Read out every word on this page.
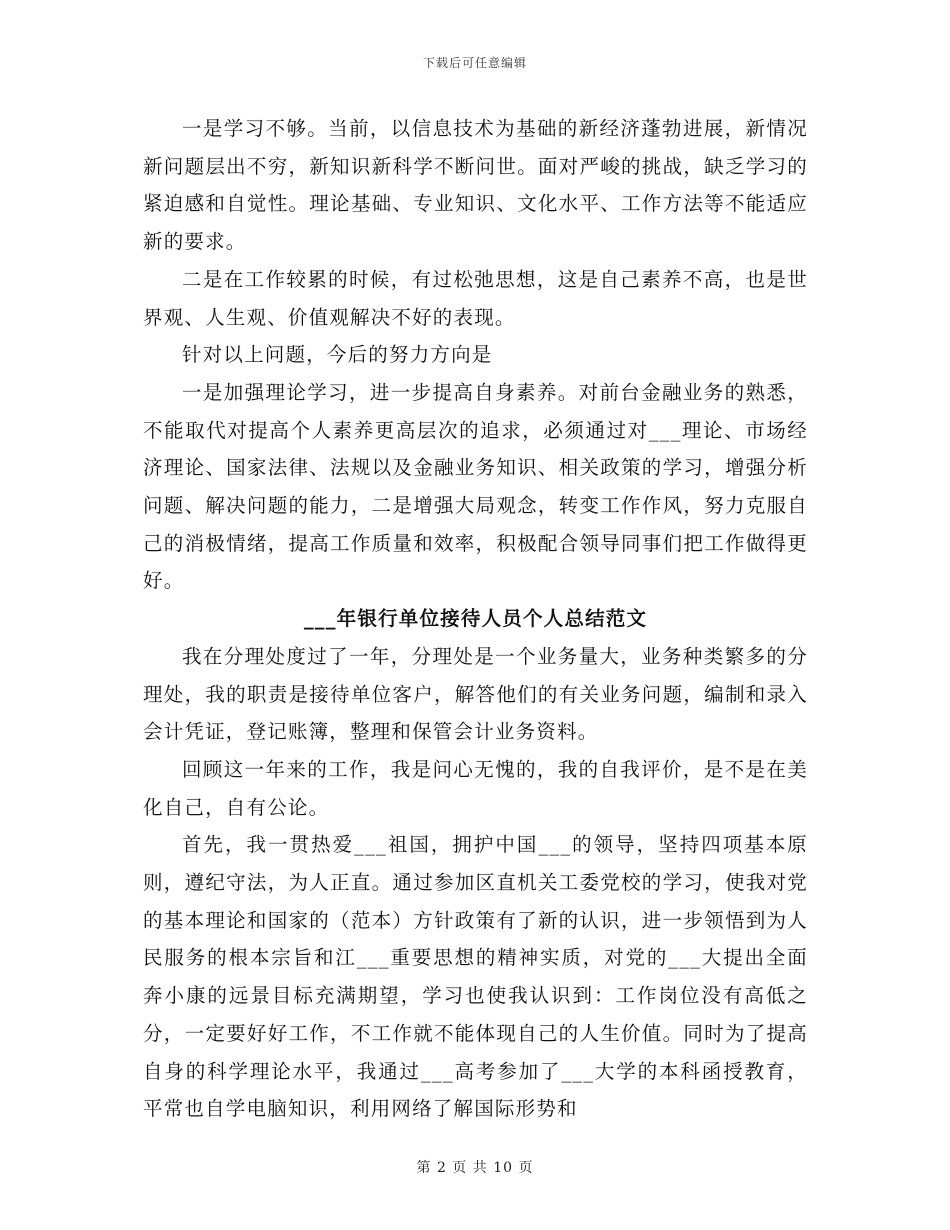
下载后可任意编辑

一是学习不够。当前，以信息技术为基础的新经济蓬勃进展，新情况新问题层出不穷，新知识新科学不断问世。面对严峻的挑战，缺乏学习的紧迫感和自觉性。理论基础、专业知识、文化水平、工作方法等不能适应新的要求。

二是在工作较累的时候，有过松弛思想，这是自己素养不高，也是世界观、人生观、价值观解决不好的表现。

针对以上问题，今后的努力方向是

一是加强理论学习，进一步提高自身素养。对前台金融业务的熟悉，不能取代对提高个人素养更高层次的追求，必须通过对___理论、市场经济理论、国家法律、法规以及金融业务知识、相关政策的学习，增强分析问题、解决问题的能力，二是增强大局观念，转变工作作风，努力克服自己的消极情绪，提高工作质量和效率，积极配合领导同事们把工作做得更好。

___年银行单位接待人员个人总结范文

我在分理处度过了一年，分理处是一个业务量大，业务种类繁多的分理处，我的职责是接待单位客户，解答他们的有关业务问题，编制和录入会计凭证，登记账簿，整理和保管会计业务资料。

回顾这一年来的工作，我是问心无愧的，我的自我评价，是不是在美化自己，自有公论。

首先，我一贯热爱___祖国，拥护中国___的领导，坚持四项基本原则，遵纪守法，为人正直。通过参加区直机关工委党校的学习，使我对党的基本理论和国家的（范本）方针政策有了新的认识，进一步领悟到为人民服务的根本宗旨和江___重要思想的精神实质，对党的___大提出全面奔小康的远景目标充满期望，学习也使我认识到：工作岗位没有高低之分，一定要好好工作，不工作就不能体现自己的人生价值。同时为了提高自身的科学理论水平，我通过___高考参加了___大学的本科函授教育，平常也自学电脑知识，利用网络了解国际形势和

第 2 页 共 10 页
